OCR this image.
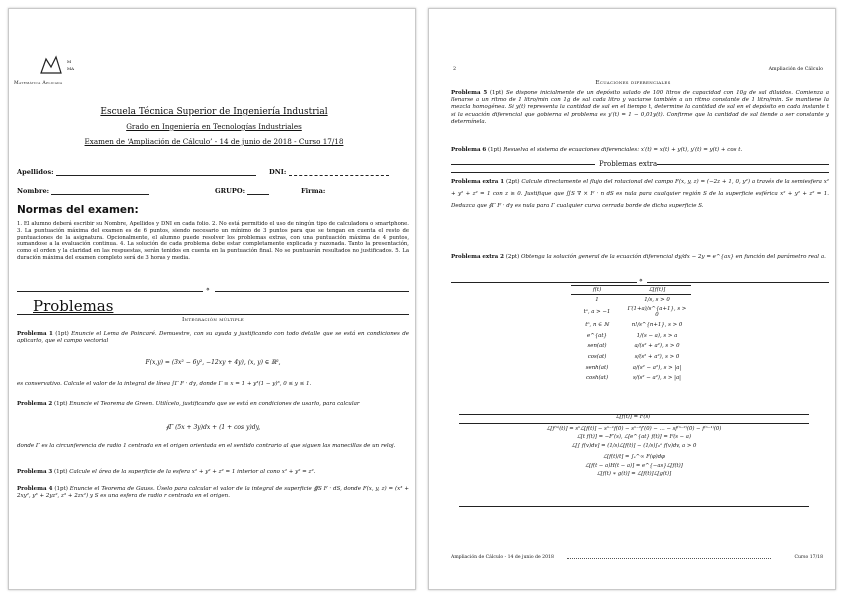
M
MA
Matemática Aplicada
Escuela Técnica Superior de Ingeniería Industrial
Grado en Ingeniería en Tecnologías Industriales
Examen de ‘Ampliación de Cálculo’ - 14 de junio de 2018 - Curso 17/18
Apellidos:	DNI:
Nombre:	GRUPO:	Firma:
Normas del examen:
1. El alumno deberá escribir su Nombre, Apellidos y DNI en cada folio. 2. No está permitido el uso de ningún tipo de calculadora o smartphone. 3. La puntuación máxima del examen es de 6 puntos, siendo necesario un mínimo de 3 puntos para que se tengan en cuenta el resto de puntuaciones de la asignatura. Opcionalmente, el alumno puede resolver los problemas extras, con una puntuación máxima de 4 puntos, sumandose a la evaluación continua. 4. La solución de cada problema debe estar completamente explicada y razonada. Tanto la presentación, como el orden y la claridad en las respuestas, serán tenidos en cuenta en la puntuación final. No se puntuarán resultados no justificados. 5. La duración máxima del examen completo será de 3 horas y media.
⋄
Problemas
Integración múltiple
Problema 1 (1pt) Enuncie el Lema de Poincaré. Demuestre, con su ayuda y justificando con todo detalle que se está en condiciones de aplicarlo, que el campo vectorial
F(x,y) = (3x² − 6y², −12xy + 4y), (x, y) ∈ ℝ²,
es conservativo. Calcule el valor de la integral de línea ∫Γ F · dγ, donde Γ ≡ x = 1 + y³(1 − y)³, 0 ≤ y ≤ 1.
Problema 2 (1pt) Enuncie el Teorema de Green. Utilícelo, justificando que se está en condiciones de usarlo, para calcular
∮Γ (5x + 3y)dx + (1 + cos y)dy,
donde Γ es la circunferencia de radio 1 centrada en el origen orientada en el sentido contrario al que siguen las manecillas de un reloj.
Problema 3 (1pt) Calcule el área de la superficie de la esfera x² + y² + z² = 1 interior al cono x² + y² = z².
Problema 4 (1pt) Enuncie el Teorema de Gauss. Úselo para calcular el valor de la integral de superficie ∯S F · dS, donde F(x, y, z) = (x³ + 2xy², y³ + 2yz², z³ + 2zx²) y S es una esfera de radio r centrada en el origen.
2	Ampliación de Cálculo
Ecuaciones diferenciales
Problema 5 (1pt) Se dispone inicialmente de un depósito salado de 100 litros de capacidad con 10g de sal diluidos. Comienza a llenarse a un ritmo de 1 litro/min con 1g de sal cada litro y vaciarse también a un ritmo constante de 1 litro/min. Se mantiene la mezcla homogénea. Si y(t) representa la cantidad de sal en el tiempo t, determine la cantidad de sal en el depósito en cada instante t si la ecuación diferencial que gobierna el problema es y′(t) = 1 − 0,01y(t). Confirme que la cantidad de sal tiende a ser constante y determínela.
Problema 6 (1pt) Resuelva el sistema de ecuaciones diferenciales: x′(t) = x(t) + y(t), y′(t) = y(t) + cos t.
Problemas extra
Problema extra 1 (2pt) Calcule directamente el flujo del rotacional del campo F(x, y, z) = (−2z + 1, 0, y²) a través de la semiesfera x² + y² + z² = 1 con z ≥ 0. Justifique que ∬S ∇ × F · n dS es nula para cualquier región S de la superficie esférica x² + y² + z² = 1. Deduzca que ∮Γ F · dγ es nula para Γ cualquier curva cerrada borde de dicha superficie S.
Problema extra 2 (2pt) Obtenga la solución general de la ecuación diferencial dy/dx − 2y = e^{ax} en función del parámetro real a.
⋄
f(t)	ℒ[f(t)]
1	1/s, s > 0
tᵃ, a > −1	Γ(1+a)/s^{a+1}, s > 0
tⁿ, n ∈ ℕ	n!/s^{n+1}, s > 0
e^{at}	1/(s − a), s > a
sen(at)	a/(s² + a²), s > 0
cos(at)	s/(s² + a²), s > 0
senh(at)	a/(s² − a²), s > |a|
cosh(at)	s/(s² − a²), s > |a|
ℒ[f(t)] = F(s)
ℒ[f⁽ⁿ⁾(t)] = sⁿℒ[f(t)] − sⁿ⁻¹f(0) − sⁿ⁻²f′(0) − … − sf⁽ⁿ⁻²⁾(0) − f⁽ⁿ⁻¹⁾(0)
ℒ[t f(t)] = −F′(s), ℒ[e^{at} f(t)] = F(s − a)
ℒ[∫ f(v)dv] = (1/s)ℒ[f(t)] − (1/s)∫₀ᵃ f(v)dv, a > 0
ℒ[f(t)/t] = ∫ₛ^∞ F(φ)dφ
ℒ[f(t − a)H(t − a)] = e^{−as}ℒ[f(t)]
ℒ[f(t) ∗ g(t)] = ℒ[f(t)]ℒ[g(t)]
Ampliación de Cálculo - 14 de junio de 2018	Curso 17/18
